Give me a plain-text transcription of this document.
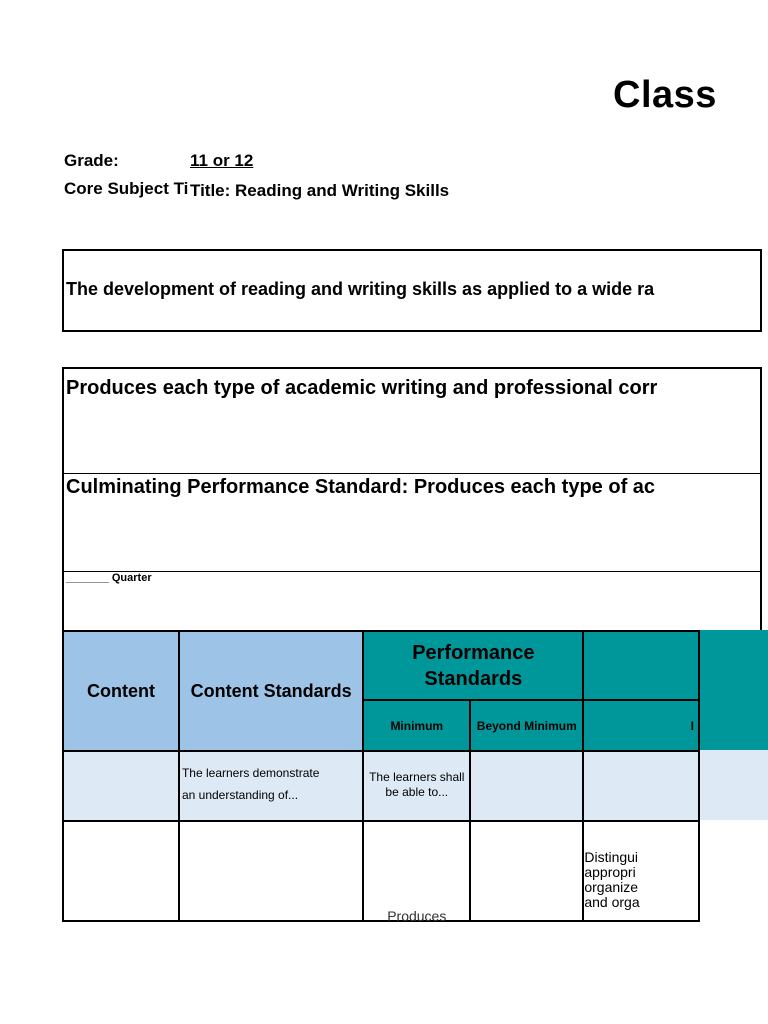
Class
Grade:	11 or 12
Core Subject Ti Title: Reading and Writing Skills
The development of reading and writing skills as applied to a wide ra
Produces each type of academic writing and professional corr
Culminating Performance Standard: Produces each type of ac
_______ Quarter
Content	Content Standards	Performance
Standards		

		Minimum	Beyond Minimum	I

	The learners demonstrate
an understanding of...	The learners shall
be able to...		

		Produces		Distingui
appropri
organize
and orga
